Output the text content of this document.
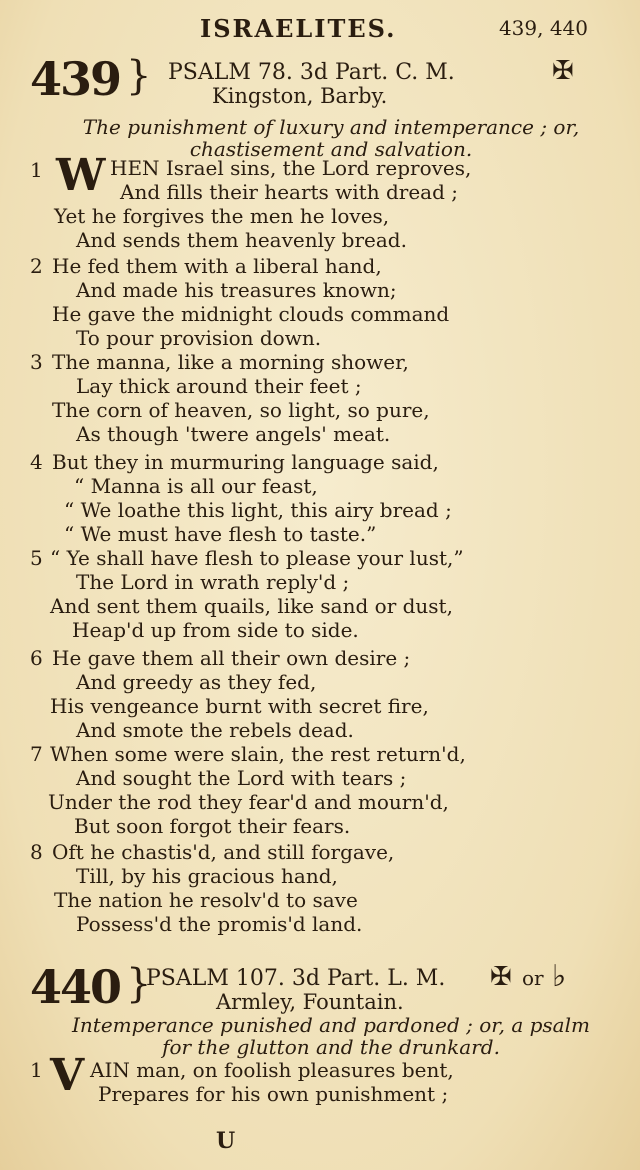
ISRAELITES.	439, 440
439 } PSALM 78. 3d Part. C. M.
Kingston, Barby.
✠
The punishment of luxury and intemperance ; or,
chastisement and salvation.
1 W HEN Israel sins, the Lord reproves,
And fills their hearts with dread ;
Yet he forgives the men he loves,
And sends them heavenly bread.
2 He fed them with a liberal hand,
And made his treasures known;
He gave the midnight clouds command
To pour provision down.
3 The manna, like a morning shower,
Lay thick around their feet ;
The corn of heaven, so light, so pure,
As though 'twere angels' meat.
4 But they in murmuring language said,
“ Manna is all our feast,
“ We loathe this light, this airy bread ;
“ We must have flesh to taste.”
5 “ Ye shall have flesh to please your lust,”
The Lord in wrath reply'd ;
And sent them quails, like sand or dust,
Heap'd up from side to side.
6 He gave them all their own desire ;
And greedy as they fed,
His vengeance burnt with secret fire,
And smote the rebels dead.
7 When some were slain, the rest return'd,
And sought the Lord with tears ;
Under the rod they fear'd and mourn'd,
But soon forgot their fears.
8 Oft he chastis'd, and still forgave,
Till, by his gracious hand,
The nation he resolv'd to save
Possess'd the promis'd land.
440 }
PSALM 107. 3d Part. L. M.
Armley, Fountain.
✠ or ♭
Intemperance punished and pardoned ; or, a psalm
for the glutton and the drunkard.
1 V AIN man, on foolish pleasures bent,
Prepares for his own punishment ;
U
